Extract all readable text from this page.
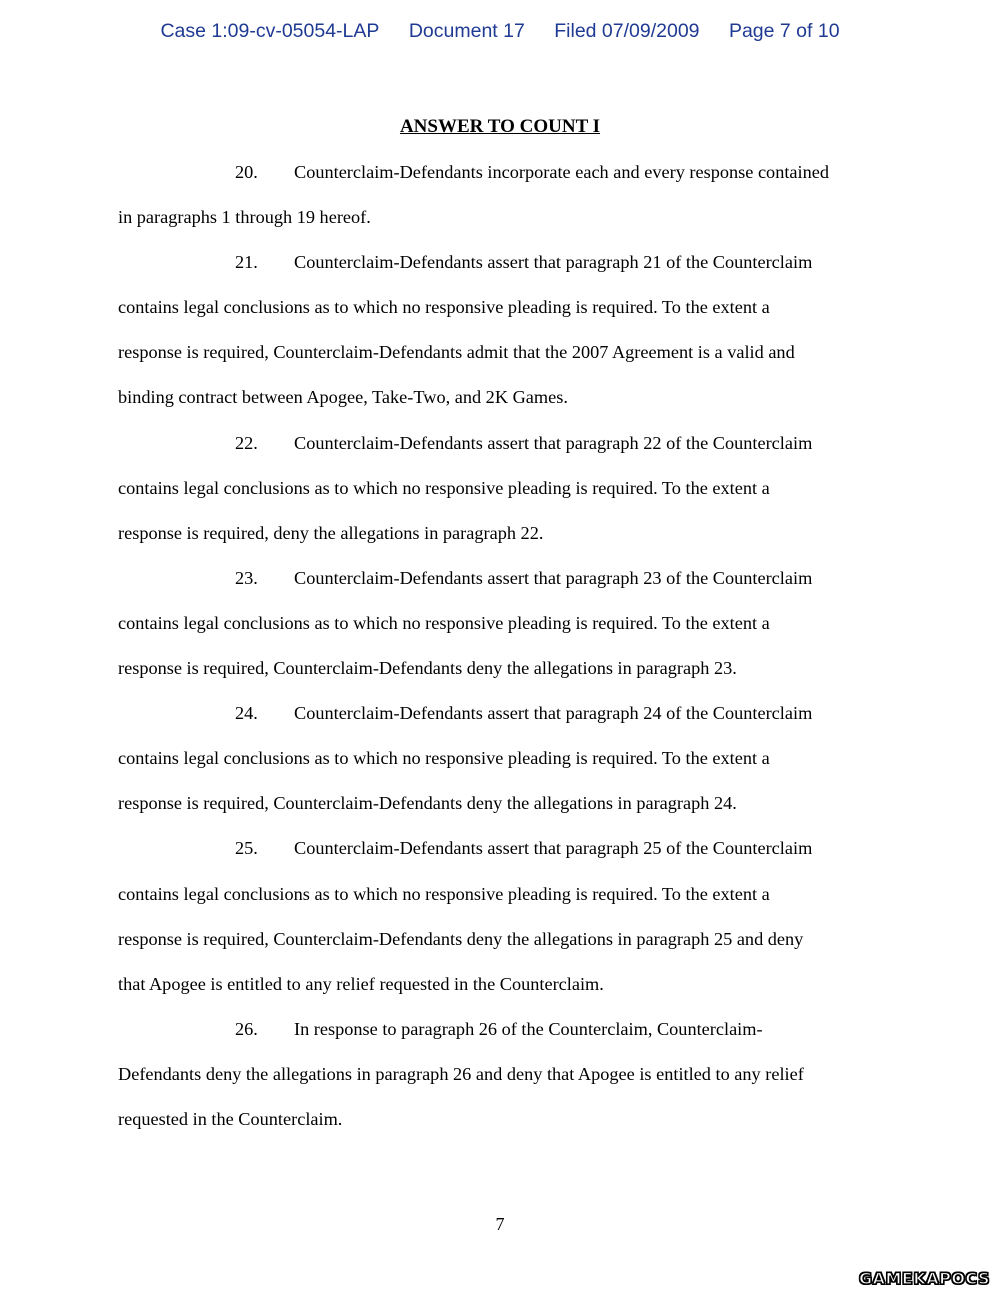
Case 1:09-cv-05054-LAP Document 17 Filed 07/09/2009 Page 7 of 10
ANSWER TO COUNT I
20. Counterclaim-Defendants incorporate each and every response contained
in paragraphs 1 through 19 hereof.
21. Counterclaim-Defendants assert that paragraph 21 of the Counterclaim
contains legal conclusions as to which no responsive pleading is required. To the extent a
response is required, Counterclaim-Defendants admit that the 2007 Agreement is a valid and
binding contract between Apogee, Take-Two, and 2K Games.
22. Counterclaim-Defendants assert that paragraph 22 of the Counterclaim
contains legal conclusions as to which no responsive pleading is required. To the extent a
response is required, deny the allegations in paragraph 22.
23. Counterclaim-Defendants assert that paragraph 23 of the Counterclaim
contains legal conclusions as to which no responsive pleading is required. To the extent a
response is required, Counterclaim-Defendants deny the allegations in paragraph 23.
24. Counterclaim-Defendants assert that paragraph 24 of the Counterclaim
contains legal conclusions as to which no responsive pleading is required. To the extent a
response is required, Counterclaim-Defendants deny the allegations in paragraph 24.
25. Counterclaim-Defendants assert that paragraph 25 of the Counterclaim
contains legal conclusions as to which no responsive pleading is required. To the extent a
response is required, Counterclaim-Defendants deny the allegations in paragraph 25 and deny
that Apogee is entitled to any relief requested in the Counterclaim.
26. In response to paragraph 26 of the Counterclaim, Counterclaim-
Defendants deny the allegations in paragraph 26 and deny that Apogee is entitled to any relief
requested in the Counterclaim.
7
GAMEKAPOCS
